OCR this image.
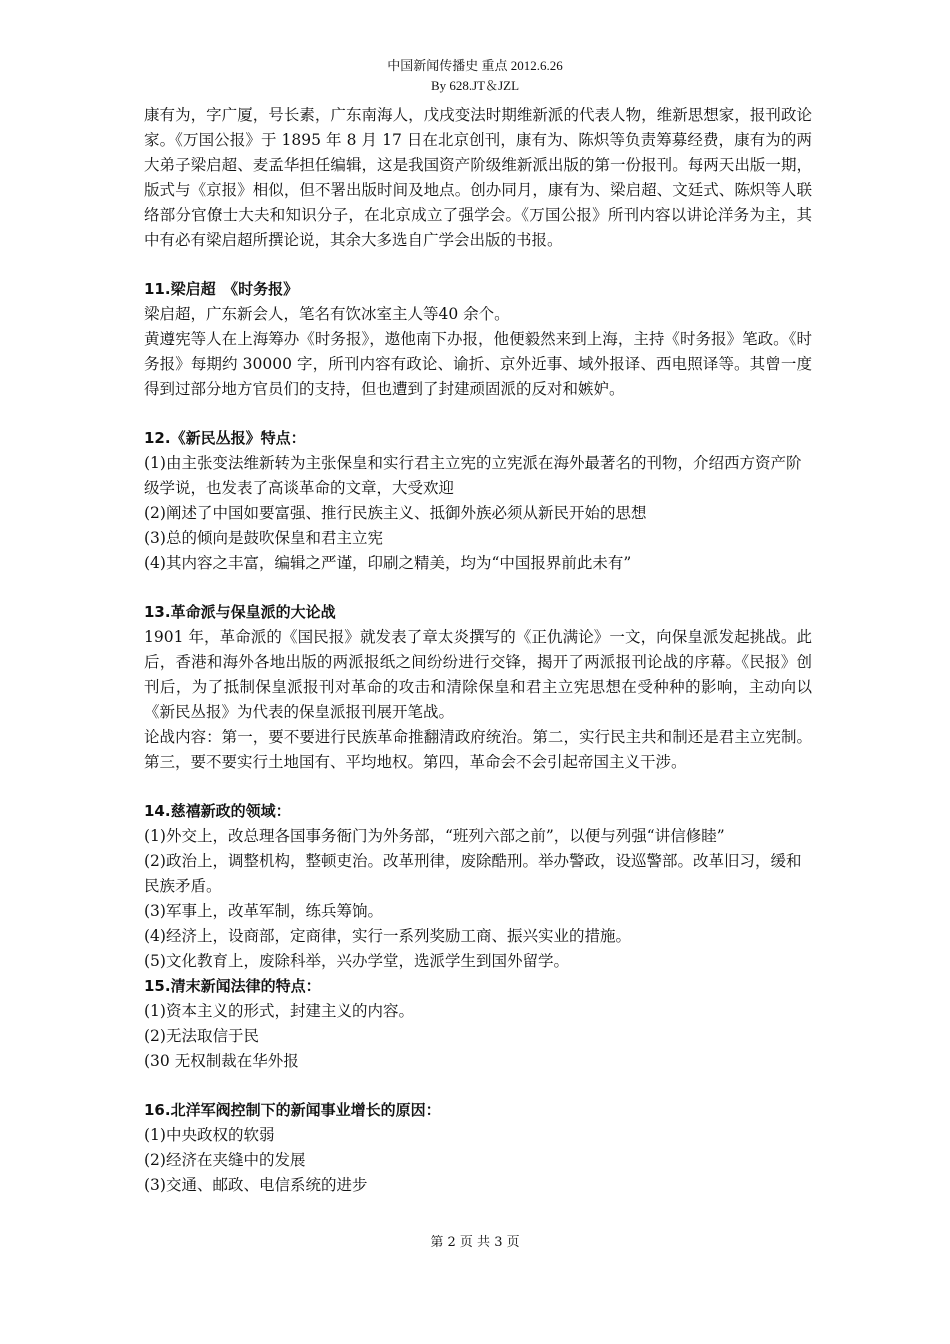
中国新闻传播史 重点 2012.6.26
By 628.JT＆JZL

康有为，字广厦，号长素，广东南海人，戊戌变法时期维新派的代表人物，维新思想家，报刊政论家。《万国公报》于 1895 年 8 月 17 日在北京创刊，康有为、陈炽等负责筹募经费，康有为的两大弟子梁启超、麦孟华担任编辑，这是我国资产阶级维新派出版的第一份报刊。每两天出版一期，版式与《京报》相似，但不署出版时间及地点。创办同月，康有为、梁启超、文廷式、陈炽等人联络部分官僚士大夫和知识分子，在北京成立了强学会。《万国公报》所刊内容以讲论洋务为主，其中有必有梁启超所撰论说，其余大多选自广学会出版的书报。

11.梁启超　《时务报》

梁启超，广东新会人，笔名有饮冰室主人等40 余个。

黄遵宪等人在上海筹办《时务报》，遨他南下办报，他便毅然来到上海，主持《时务报》笔政。《时务报》每期约 30000 字，所刊内容有政论、谕折、京外近事、域外报译、西电照译等。其曾一度得到过部分地方官员们的支持，但也遭到了封建顽固派的反对和嫉妒。

12.《新民丛报》特点：

(1)由主张变法维新转为主张保皇和实行君主立宪的立宪派在海外最著名的刊物，介绍西方资产阶级学说，也发表了高谈革命的文章，大受欢迎

(2)阐述了中国如要富强、推行民族主义、抵御外族必须从新民开始的思想

(3)总的倾向是鼓吹保皇和君主立宪

(4)其内容之丰富，编辑之严谨，印刷之精美，均为“中国报界前此未有”

13.革命派与保皇派的大论战

1901 年，革命派的《国民报》就发表了章太炎撰写的《正仇满论》一文，向保皇派发起挑战。此后，香港和海外各地出版的两派报纸之间纷纷进行交锋，揭开了两派报刊论战的序幕。《民报》创刊后，为了抵制保皇派报刊对革命的攻击和清除保皇和君主立宪思想在受种种的影响，主动向以《新民丛报》为代表的保皇派报刊展开笔战。

论战内容：第一，要不要进行民族革命推翻清政府统治。第二，实行民主共和制还是君主立宪制。第三，要不要实行土地国有、平均地权。第四，革命会不会引起帝国主义干涉。

14.慈禧新政的领域：

(1)外交上，改总理各国事务衙门为外务部，“班列六部之前”，以便与列强“讲信修睦”

(2)政治上，调整机构，整顿吏治。改革刑律，废除酷刑。举办警政，设巡警部。改革旧习，缓和民族矛盾。

(3)军事上，改革军制，练兵筹饷。

(4)经济上，设商部，定商律，实行一系列奖励工商、振兴实业的措施。

(5)文化教育上，废除科举，兴办学堂，选派学生到国外留学。

15.清末新闻法律的特点：

(1)资本主义的形式，封建主义的内容。

(2)无法取信于民

(30 无权制裁在华外报

16.北洋军阀控制下的新闻事业增长的原因：

(1)中央政权的软弱

(2)经济在夹缝中的发展

(3)交通、邮政、电信系统的进步

第 2 页 共 3 页
